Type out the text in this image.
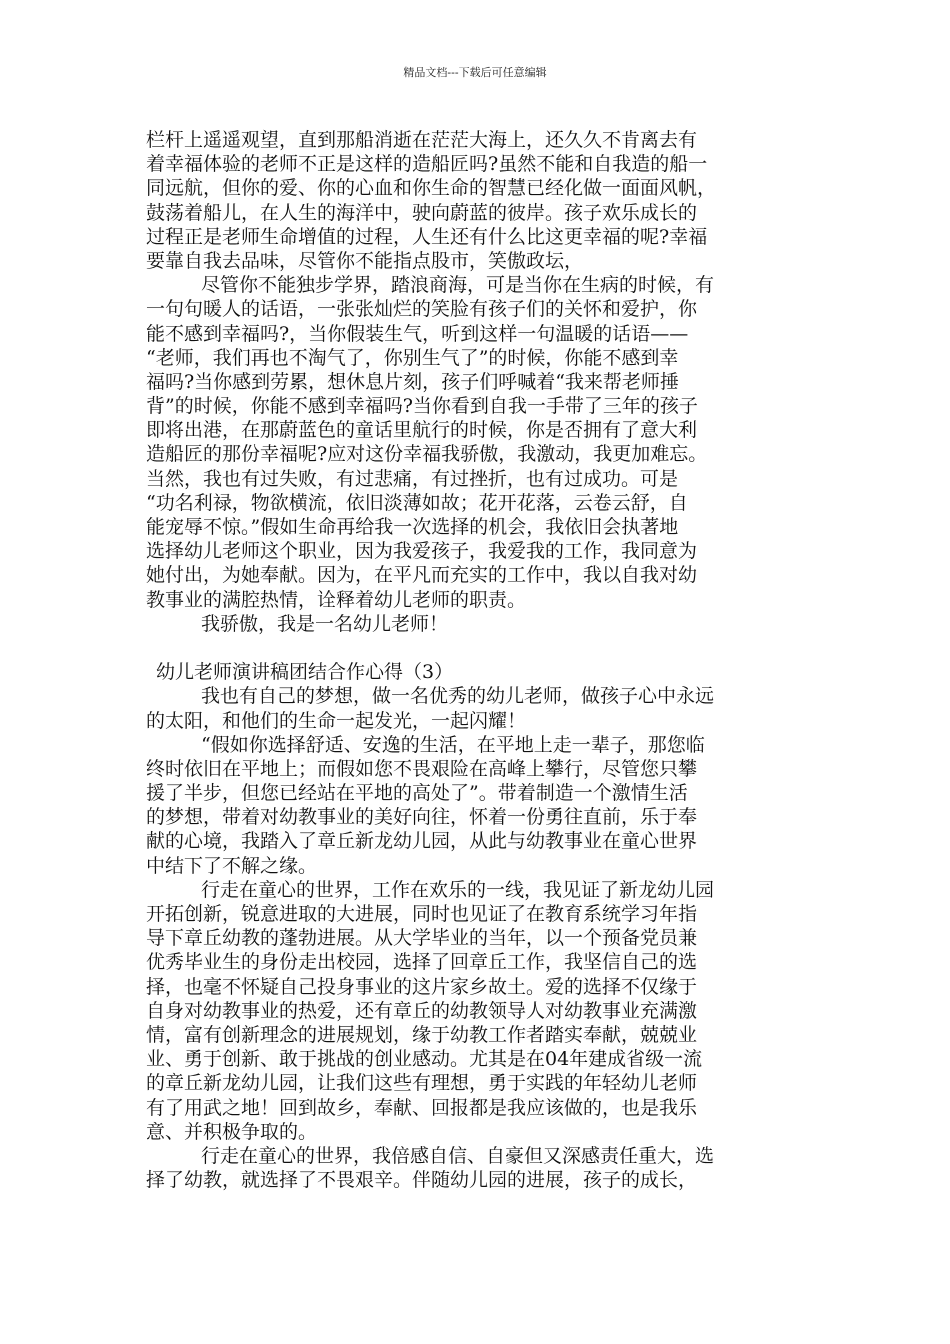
精品文档---下载后可任意编辑
栏杆上遥遥观望，直到那船消逝在茫茫大海上，还久久不肯离去有
着幸福体验的老师不正是这样的造船匠吗?虽然不能和自我造的船一
同远航，但你的爱、你的心血和你生命的智慧已经化做一面面风帆，
鼓荡着船儿，在人生的海洋中，驶向蔚蓝的彼岸。孩子欢乐成长的
过程正是老师生命增值的过程，人生还有什么比这更幸福的呢?幸福
要靠自我去品味，尽管你不能指点股市，笑傲政坛，
尽管你不能独步学界，踏浪商海，可是当你在生病的时候，有
一句句暖人的话语，一张张灿烂的笑脸有孩子们的关怀和爱护，你
能不感到幸福吗?，当你假装生气，听到这样一句温暖的话语——
“老师，我们再也不淘气了，你别生气了”的时候，你能不感到幸
福吗?当你感到劳累，想休息片刻，孩子们呼喊着“我来帮老师捶
背”的时候，你能不感到幸福吗?当你看到自我一手带了三年的孩子
即将出港，在那蔚蓝色的童话里航行的时候，你是否拥有了意大利
造船匠的那份幸福呢?应对这份幸福我骄傲，我激动，我更加难忘。
当然，我也有过失败，有过悲痛，有过挫折，也有过成功。可是
“功名利禄，物欲横流，依旧淡薄如故；花开花落，云卷云舒，自
能宠辱不惊。”假如生命再给我一次选择的机会，我依旧会执著地
选择幼儿老师这个职业，因为我爱孩子，我爱我的工作，我同意为
她付出，为她奉献。因为，在平凡而充实的工作中，我以自我对幼
教事业的满腔热情，诠释着幼儿老师的职责。
我骄傲，我是一名幼儿老师！
幼儿老师演讲稿团结合作心得（3）
我也有自己的梦想，做一名优秀的幼儿老师，做孩子心中永远
的太阳，和他们的生命一起发光，一起闪耀！
“假如你选择舒适、安逸的生活，在平地上走一辈子，那您临
终时依旧在平地上；而假如您不畏艰险在高峰上攀行，尽管您只攀
援了半步，但您已经站在平地的高处了”。带着制造一个激情生活
的梦想，带着对幼教事业的美好向往，怀着一份勇往直前，乐于奉
献的心境，我踏入了章丘新龙幼儿园，从此与幼教事业在童心世界
中结下了不解之缘。
行走在童心的世界，工作在欢乐的一线，我见证了新龙幼儿园
开拓创新，锐意进取的大进展，同时也见证了在教育系统学习年指
导下章丘幼教的蓬勃进展。从大学毕业的当年，以一个预备党员兼
优秀毕业生的身份走出校园，选择了回章丘工作，我坚信自己的选
择，也毫不怀疑自己投身事业的这片家乡故土。爱的选择不仅缘于
自身对幼教事业的热爱，还有章丘的幼教领导人对幼教事业充满激
情，富有创新理念的进展规划，缘于幼教工作者踏实奉献，兢兢业
业、勇于创新、敢于挑战的创业感动。尤其是在04年建成省级一流
的章丘新龙幼儿园，让我们这些有理想，勇于实践的年轻幼儿老师
有了用武之地！回到故乡，奉献、回报都是我应该做的，也是我乐
意、并积极争取的。
行走在童心的世界，我倍感自信、自豪但又深感责任重大，选
择了幼教，就选择了不畏艰辛。伴随幼儿园的进展，孩子的成长，
